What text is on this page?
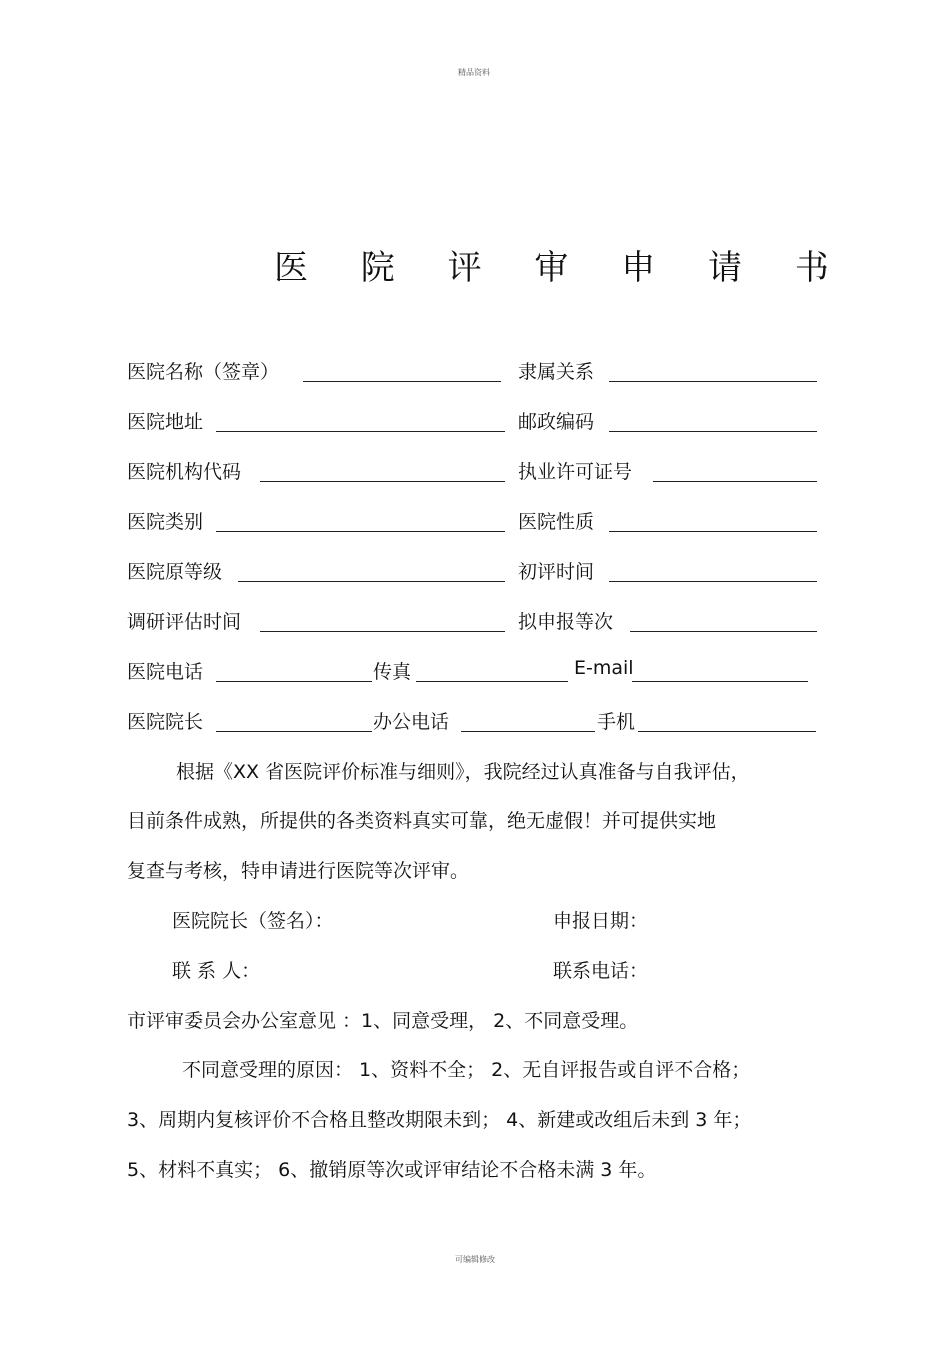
精品资料
医 院 评 审 申 请 书
医院名称（签章）	隶属关系
医院地址	邮政编码
医院机构代码	执业许可证号
医院类别	医院性质
医院原等级	初评时间
调研评估时间	拟申报等次
医院电话	传真	E-mail
医院院长	办公电话	手机
根据《XX 省医院评价标准与细则》，我院经过认真准备与自我评估，
目前条件成熟，所提供的各类资料真实可靠，绝无虚假！并可提供实地
复查与考核，特申请进行医院等次评审。
医院院长（签名）：	申报日期：
联 系 人：	联系电话：
市评审委员会办公室意见 ：1、同意受理， 2、不同意受理。
不同意受理的原因： 1、资料不全； 2、无自评报告或自评不合格；
3、周期内复核评价不合格且整改期限未到； 4、新建或改组后未到 3 年；
5、材料不真实； 6、撤销原等次或评审结论不合格未满 3 年。
可编辑修改
